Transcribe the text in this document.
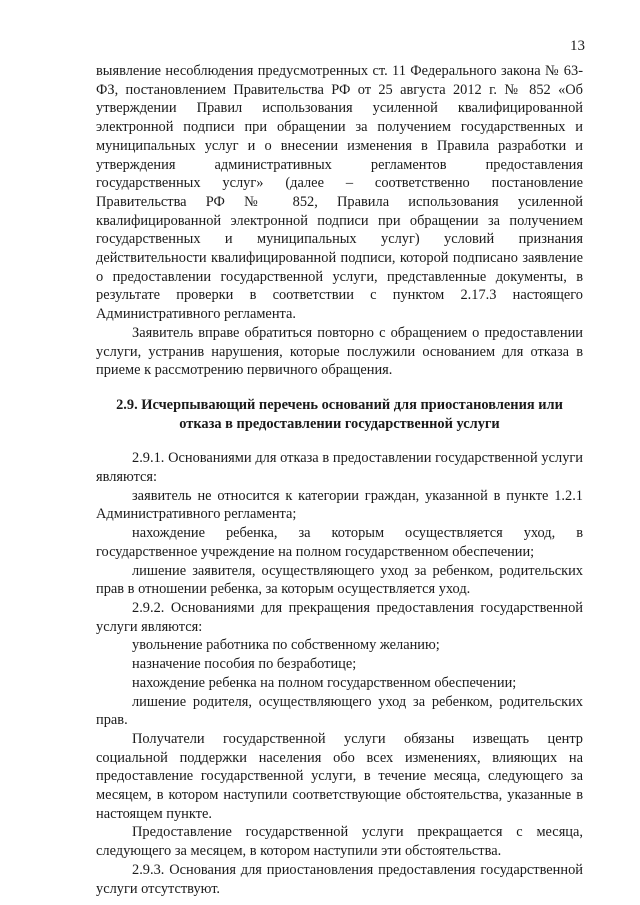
13

выявление несоблюдения предусмотренных ст. 11 Федерального закона № 63-ФЗ, постановлением Правительства РФ от 25 августа 2012 г. № 852 «Об утверждении Правил использования усиленной квалифицированной электронной подписи при обращении за получением государственных и муниципальных услуг и о внесении изменения в Правила разработки и утверждения административных регламентов предоставления государственных услуг» (далее – соответственно постановление Правительства РФ № 852, Правила использования усиленной квалифицированной электронной подписи при обращении за получением государственных и муниципальных услуг) условий признания действительности квалифицированной подписи, которой подписано заявление о предоставлении государственной услуги, представленные документы, в результате проверки в соответствии с пунктом 2.17.3 настоящего Административного регламента.

Заявитель вправе обратиться повторно с обращением о предоставлении услуги, устранив нарушения, которые послужили основанием для отказа в приеме к рассмотрению первичного обращения.

2.9. Исчерпывающий перечень оснований для приостановления или отказа в предоставлении государственной услуги

2.9.1. Основаниями для отказа в предоставлении государственной услуги являются:

заявитель не относится к категории граждан, указанной в пункте 1.2.1 Административного регламента;

нахождение ребенка, за которым осуществляется уход, в государственное учреждение на полном государственном обеспечении;

лишение заявителя, осуществляющего уход за ребенком, родительских прав в отношении ребенка, за которым осуществляется уход.

2.9.2. Основаниями для прекращения предоставления государственной услуги являются:

увольнение работника по собственному желанию;

назначение пособия по безработице;

нахождение ребенка на полном государственном обеспечении;

лишение родителя, осуществляющего уход за ребенком, родительских прав.

Получатели государственной услуги обязаны извещать центр социальной поддержки населения обо всех изменениях, влияющих на предоставление государственной услуги, в течение месяца, следующего за месяцем, в котором наступили соответствующие обстоятельства, указанные в настоящем пункте.

Предоставление государственной услуги прекращается с месяца, следующего за месяцем, в котором наступили эти обстоятельства.

2.9.3. Основания для приостановления предоставления государственной услуги отсутствуют.
